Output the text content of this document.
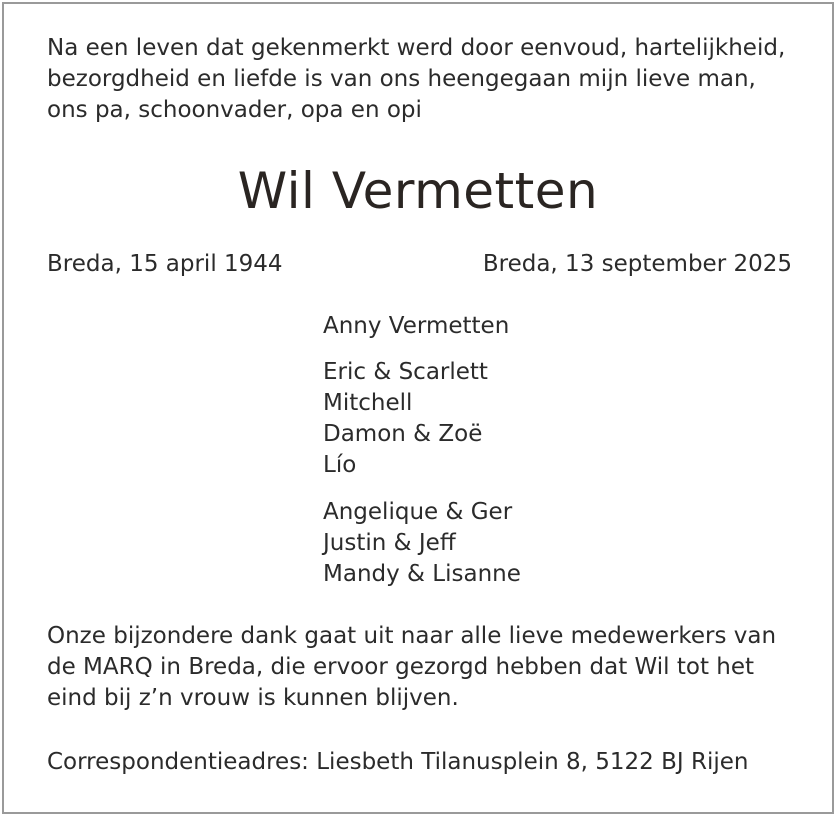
Na een leven dat gekenmerkt werd door eenvoud, hartelijkheid,
bezorgdheid en liefde is van ons heengegaan mijn lieve man,
ons pa, schoonvader, opa en opi
Wil Vermetten
Breda, 15 april 1944	Breda, 13 september 2025
Anny Vermetten
Eric & Scarlett
Mitchell
Damon & Zoë
Lío
Angelique & Ger
Justin & Jeff
Mandy & Lisanne
Onze bijzondere dank gaat uit naar alle lieve medewerkers van
de MARQ in Breda, die ervoor gezorgd hebben dat Wil tot het
eind bij z’n vrouw is kunnen blijven.
Correspondentieadres: Liesbeth Tilanusplein 8, 5122 BJ Rijen
